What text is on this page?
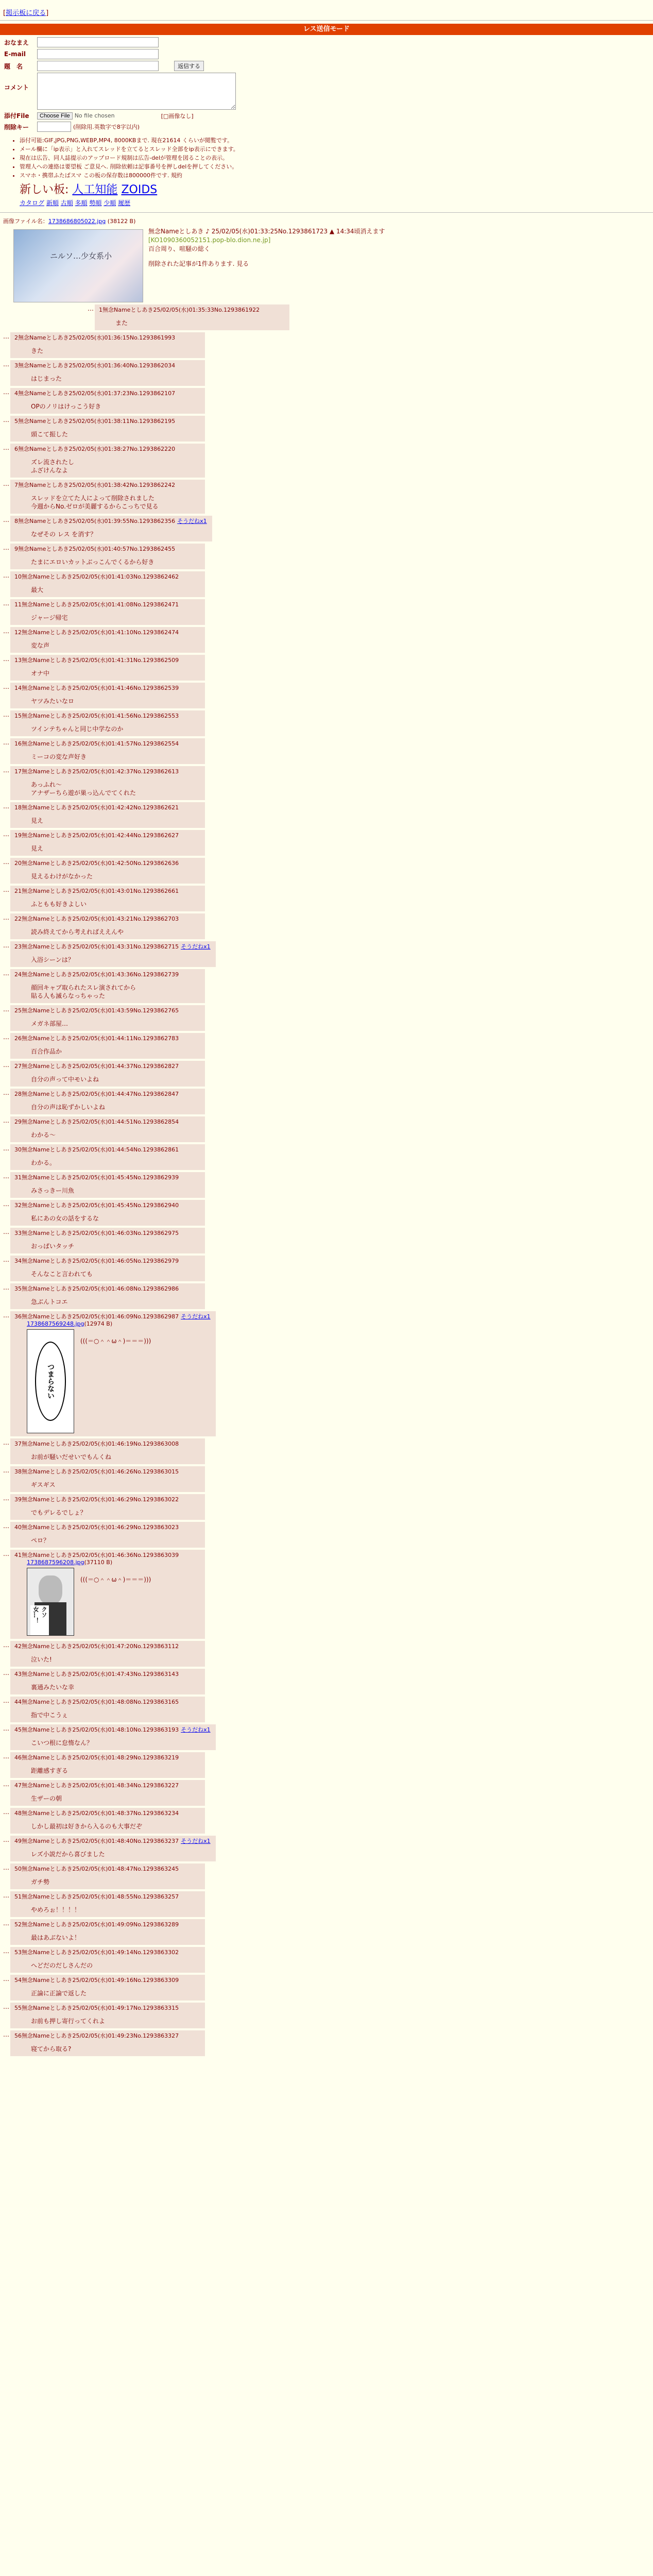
[掲示板に戻る]
レス送信モード
おなまえ
E-mail
題　名	返信する
コメント
添付File	Choose File No file chosen	[□画像なし]
削除キー	(削除用.英数字で8字以内)
• 添付可能:GIF,JPG,PNG,WEBP,MP4, 8000KBまで. 現在21614 くらいが閲覧です。
• メール欄に「ip表示」と入れてスレッドを立てるとスレッド全部をip表示にできます。
• 現在は広告、同人誌提示のアップロード規制は広告-delが管理を図ることの表示。
• 管理人への連絡は要望板 ご意見へ. 削除依頼は記事番号を押しdelを押してください。
• スマホ・携帯ふたばスマ この板の保存数は800000件です. 規約
新しい板: 人工知能 ZOIDS
カタログ 新順 古順 多順 勢順 少順 履歴
画像ファイル名：1738686805022.jpg (38122 B)
ニルソ…少女系小
無念Nameとしあき ♪ 25/02/05(水)01:33:25No.1293861723 ▲ 14:34頃消えます
[KO1090360052151.pop-blo.dion.ne.jp]
百合周り、喧騒の総く
削除された記事が1件あります. 見る
… 1無念Nameとしあき25/02/05(水)01:35:33No.1293861922
また
… 2無念Nameとしあき25/02/05(水)01:36:15No.1293861993
きた
… 3無念Nameとしあき25/02/05(水)01:36:40No.1293862034
はじまった
… 4無念Nameとしあき25/02/05(水)01:37:23No.1293862107
OPのノリはけっこう好き
… 5無念Nameとしあき25/02/05(水)01:38:11No.1293862195
頭こて振した
… 6無念Nameとしあき25/02/05(水)01:38:27No.1293862220
ズレ流されたし
ふざけんなよ
… 7無念Nameとしあき25/02/05(水)01:38:42No.1293862242
スレッドを立てた人によって削除されました
今週からNo.ゼロが美麗するからこっちで見る
… 8無念Nameとしあき25/02/05(水)01:39:55No.1293862356 そうだねx1
なぜその レス を消す？
… 9無念Nameとしあき25/02/05(水)01:40:57No.1293862455
たまにエロいカットぶっこんでくるから好き
… 10無念Nameとしあき25/02/05(水)01:41:03No.1293862462
最大
… 11無念Nameとしあき25/02/05(水)01:41:08No.1293862471
ジャージ帰宅
… 12無念Nameとしあき25/02/05(水)01:41:10No.1293862474
変な声
… 13無念Nameとしあき25/02/05(水)01:41:31No.1293862509
オナ中
… 14無念Nameとしあき25/02/05(水)01:41:46No.1293862539
ヤツみたいなロ
… 15無念Nameとしあき25/02/05(水)01:41:56No.1293862553
ツインテちゃんと同じ中学なのか
… 16無念Nameとしあき25/02/05(水)01:41:57No.1293862554
ミーコの変な声好き
… 17無念Nameとしあき25/02/05(水)01:42:37No.1293862613
あっふれ〜
アナザーちら遊が巣っ込んでてくれた
… 18無念Nameとしあき25/02/05(水)01:42:42No.1293862621
見え
… 19無念Nameとしあき25/02/05(水)01:42:44No.1293862627
見え
… 20無念Nameとしあき25/02/05(水)01:42:50No.1293862636
見えるわけがなかった
… 21無念Nameとしあき25/02/05(水)01:43:01No.1293862661
ふともも好きよしい
… 22無念Nameとしあき25/02/05(水)01:43:21No.1293862703
読み終えてから考えればええんや
… 23無念Nameとしあき25/02/05(水)01:43:31No.1293862715 そうだねx1
入浴シーンは？
… 24無念Nameとしあき25/02/05(水)01:43:36No.1293862739
顔回キャプ取られたスレ演されてから
貼る人も滅らなっちゃった
… 25無念Nameとしあき25/02/05(水)01:43:59No.1293862765
メガネ部屋…
… 26無念Nameとしあき25/02/05(水)01:44:11No.1293862783
百合作品か
… 27無念Nameとしあき25/02/05(水)01:44:37No.1293862827
自分の声って中モいよね
… 28無念Nameとしあき25/02/05(水)01:44:47No.1293862847
自分の声は恥ずかしいよね
… 29無念Nameとしあき25/02/05(水)01:44:51No.1293862854
わかる〜
… 30無念Nameとしあき25/02/05(水)01:44:54No.1293862861
わかる。
… 31無念Nameとしあき25/02/05(水)01:45:45No.1293862939
みさっきー川魚
… 32無念Nameとしあき25/02/05(水)01:45:45No.1293862940
私にあの女の話をするな
… 33無念Nameとしあき25/02/05(水)01:46:03No.1293862975
おっぱいタッチ
… 34無念Nameとしあき25/02/05(水)01:46:05No.1293862979
そんなこと言われても
… 35無念Nameとしあき25/02/05(水)01:46:08No.1293862986
急ぶんトコエ
… 36無念Nameとしあき25/02/05(水)01:46:09No.1293862987 そうだねx1
1738687569248.jpg(12974 B)
つまらない
(((＝○＾＾ω＾)＝＝＝)))
… 37無念Nameとしあき25/02/05(水)01:46:19No.1293863008
お前が騒いだせいでもんくね
… 38無念Nameとしあき25/02/05(水)01:46:26No.1293863015
ギスギス
… 39無念Nameとしあき25/02/05(水)01:46:29No.1293863022
でもデレるでしょ？
… 40無念Nameとしあき25/02/05(水)01:46:29No.1293863023
ペロ？
… 41無念Nameとしあき25/02/05(水)01:46:36No.1293863039
1738687596208.jpg(37110 B)
クソ女…！
(((＝○＾＾ω＾)＝＝＝)))
… 42無念Nameとしあき25/02/05(水)01:47:20No.1293863112
泣いた!
… 43無念Nameとしあき25/02/05(水)01:47:43No.1293863143
裏通みたいな幸
… 44無念Nameとしあき25/02/05(水)01:48:08No.1293863165
指で中こうぇ
… 45無念Nameとしあき25/02/05(水)01:48:10No.1293863193 そうだねx1
こいつ根に怠惰なん？
… 46無念Nameとしあき25/02/05(水)01:48:29No.1293863219
距離感すぎる
… 47無念Nameとしあき25/02/05(水)01:48:34No.1293863227
生ザーの朝
… 48無念Nameとしあき25/02/05(水)01:48:37No.1293863234
しかし最初は好きから入るのも大事だぞ
… 49無念Nameとしあき25/02/05(水)01:48:40No.1293863237 そうだねx1
レズ小説だから喜びました
… 50無念Nameとしあき25/02/05(水)01:48:47No.1293863245
ガチ勢
… 51無念Nameとしあき25/02/05(水)01:48:55No.1293863257
やめろぉ！！！！
… 52無念Nameとしあき25/02/05(水)01:49:09No.1293863289
最はあぶないよ！
… 53無念Nameとしあき25/02/05(水)01:49:14No.1293863302
へどだのだしさんだの
… 54無念Nameとしあき25/02/05(水)01:49:16No.1293863309
正論に正論で返した
… 55無念Nameとしあき25/02/05(水)01:49:17No.1293863315
お前も押し寄行ってくれよ
… 56無念Nameとしあき25/02/05(水)01:49:23No.1293863327
寝てから取る?
